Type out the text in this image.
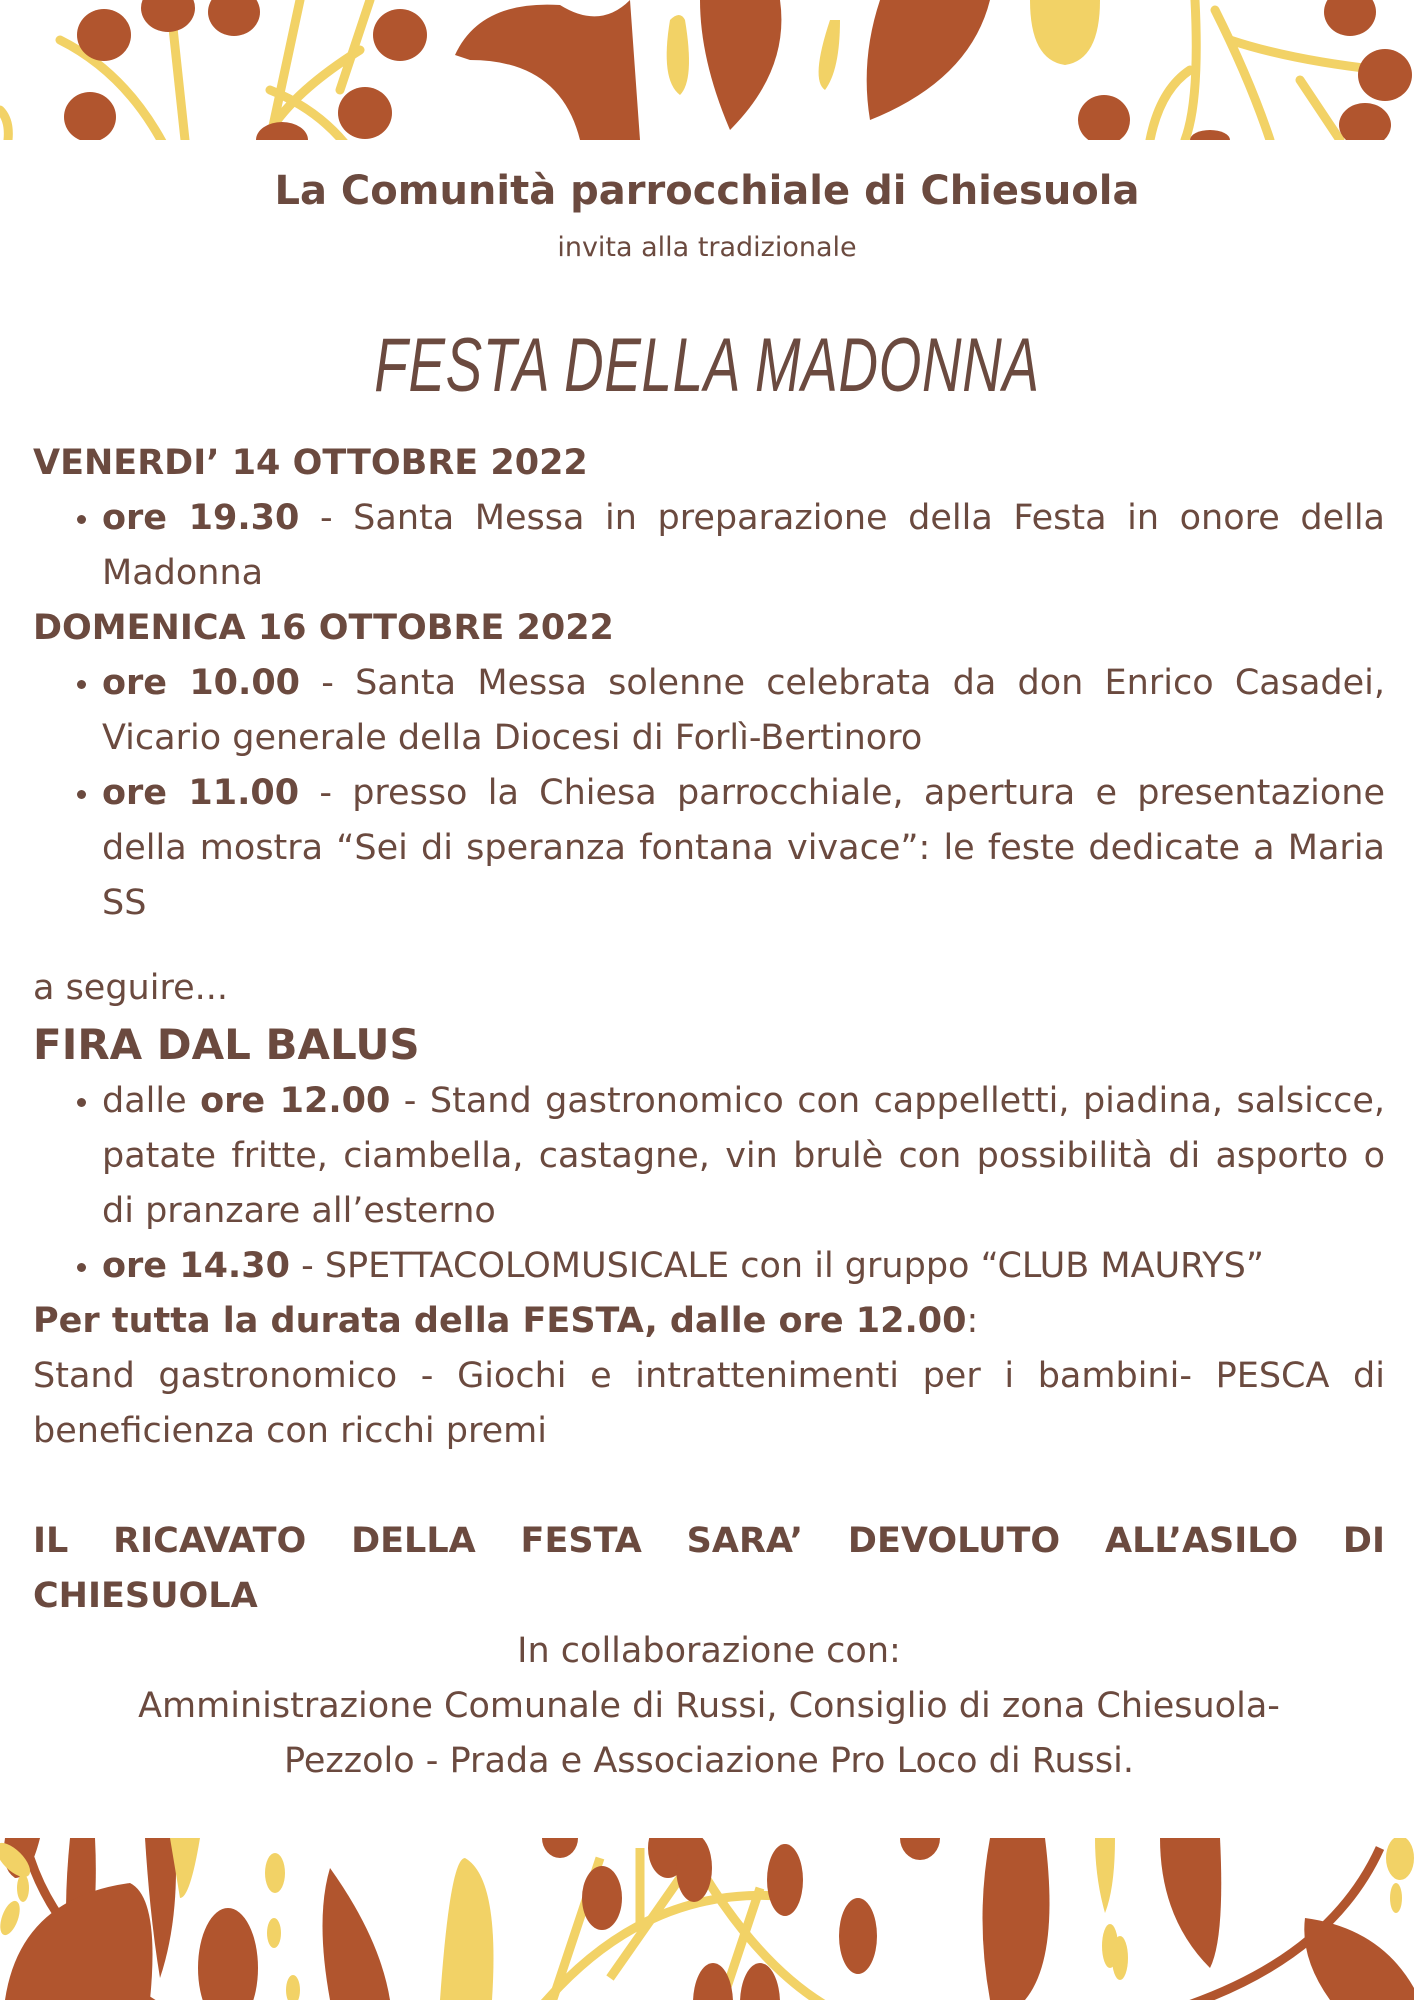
La Comunità parrocchiale di Chiesuola
invita alla tradizionale
FESTA DELLA MADONNA

VENERDI’ 14 OTTOBRE 2022

• ore 19.30 - Santa Messa in preparazione della Festa in onore della Madonna

DOMENICA 16 OTTOBRE 2022

• ore 10.00 - Santa Messa solenne celebrata da don Enrico Casadei, Vicario generale della Diocesi di Forlì-Bertinoro
• ore 11.00 - presso la Chiesa parrocchiale, apertura e presentazione della mostra “Sei di speranza fontana vivace”: le feste dedicate a Maria SS

a seguire...

FIRA DAL BALUS

• dalle ore 12.00 - Stand gastronomico con cappelletti, piadina, salsicce, patate fritte, ciambella, castagne, vin brulè con possibilità di asporto o di pranzare all’esterno
• ore 14.30 - SPETTACOLOMUSICALE con il gruppo “CLUB MAURYS”

Per tutta la durata della FESTA, dalle ore 12.00:

Stand gastronomico - Giochi e intrattenimenti per i bambini- PESCA di beneficienza con ricchi premi

IL RICAVATO DELLA FESTA SARA’ DEVOLUTO ALL’ASILO DI CHIESUOLA

In collaborazione con:

Amministrazione Comunale di Russi, Consiglio di zona Chiesuola-Pezzolo - Prada e Associazione Pro Loco di Russi.
